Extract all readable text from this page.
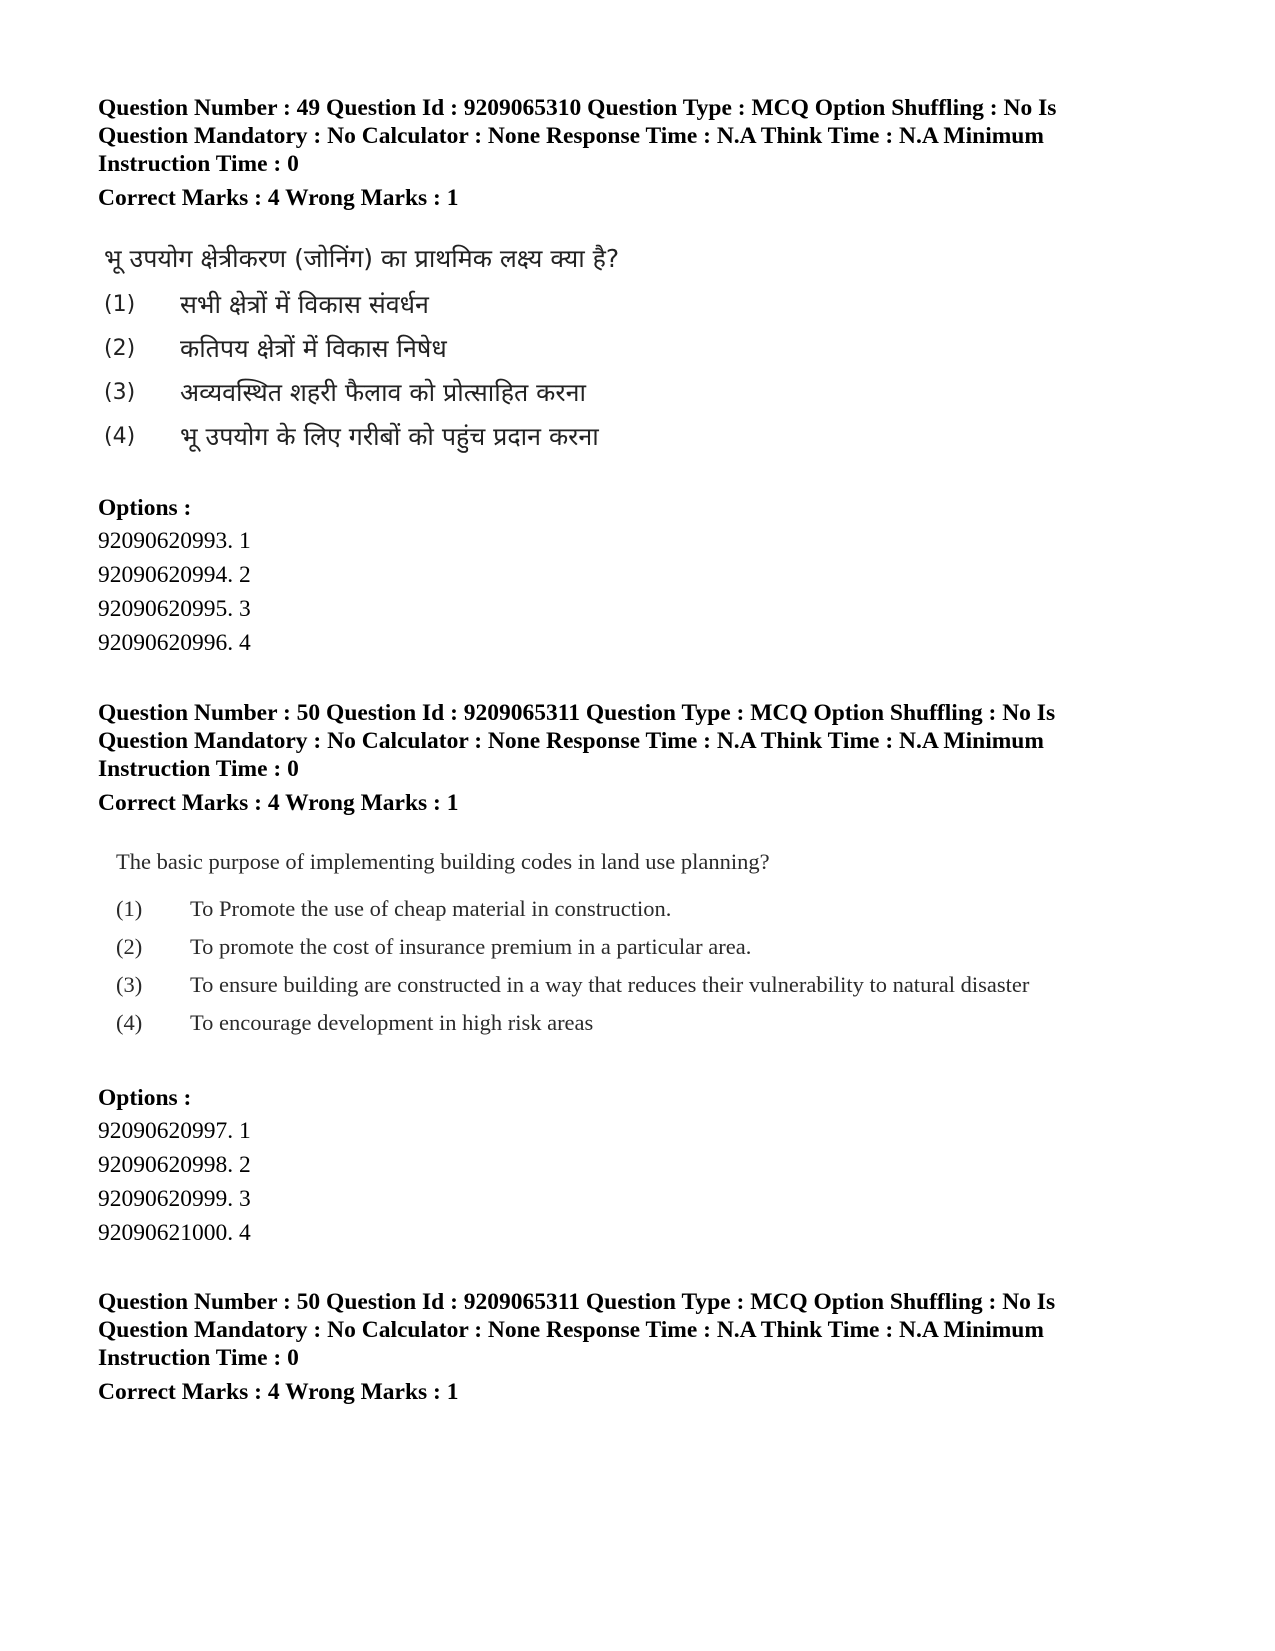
Question Number : 49 Question Id : 9209065310 Question Type : MCQ Option Shuffling : No Is

Question Mandatory : No Calculator : None Response Time : N.A Think Time : N.A Minimum

Instruction Time : 0

Correct Marks : 4 Wrong Marks : 1

भू उपयोग क्षेत्रीकरण (जोनिंग) का प्राथमिक लक्ष्य क्या है?

(1)	सभी क्षेत्रों में विकास संवर्धन
(2)	कतिपय क्षेत्रों में विकास निषेध
(3)	अव्यवस्थित शहरी फैलाव को प्रोत्साहित करना
(4)	भू उपयोग के लिए गरीबों को पहुंच प्रदान करना

Options :

92090620993. 1

92090620994. 2

92090620995. 3

92090620996. 4

Question Number : 50 Question Id : 9209065311 Question Type : MCQ Option Shuffling : No Is

Question Mandatory : No Calculator : None Response Time : N.A Think Time : N.A Minimum

Instruction Time : 0

Correct Marks : 4 Wrong Marks : 1

The basic purpose of implementing building codes in land use planning?

(1)	To Promote the use of cheap material in construction.
(2)	To promote the cost of insurance premium in a particular area.
(3)	To ensure building are constructed in a way that reduces their vulnerability to natural disaster
(4)	To encourage development in high risk areas

Options :

92090620997. 1

92090620998. 2

92090620999. 3

92090621000. 4

Question Number : 50 Question Id : 9209065311 Question Type : MCQ Option Shuffling : No Is

Question Mandatory : No Calculator : None Response Time : N.A Think Time : N.A Minimum

Instruction Time : 0

Correct Marks : 4 Wrong Marks : 1
